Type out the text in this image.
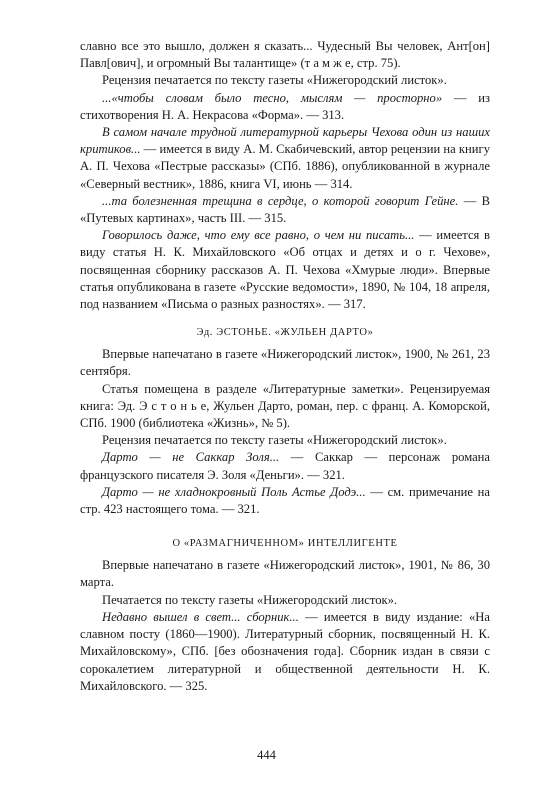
славно все это вышло, должен я сказать... Чудесный Вы человек, Ант[он] Павл[ович], и огромный Вы талантище» (т а м ж е, стр. 75).

Рецензия печатается по тексту газеты «Нижегородский листок».

...«чтобы словам было тесно, мыслям — просторно» — из стихотворения Н. А. Некрасова «Форма». — 313.

В самом начале трудной литературной карьеры Чехова один из наших критиков... — имеется в виду А. М. Скабичевский, автор рецензии на книгу А. П. Чехова «Пестрые рассказы» (СПб. 1886), опубликованной в журнале «Северный вестник», 1886, книга VI, июнь — 314.

...та болезненная трещина в сердце, о которой говорит Гейне. — В «Путевых картинах», часть III. — 315.

Говорилось даже, что ему все равно, о чем ни писать... — имеется в виду статья Н. К. Михайловского «Об отцах и детях и о г. Чехове», посвященная сборнику рассказов А. П. Чехова «Хмурые люди». Впервые статья опубликована в газете «Русские ведомости», 1890, № 104, 18 апреля, под названием «Письма о разных разностях». — 317.

Эд. ЭСТОНЬЕ. «ЖУЛЬЕН ДАРТО»

Впервые напечатано в газете «Нижегородский листок», 1900, № 261, 23 сентября.

Статья помещена в разделе «Литературные заметки». Рецензируемая книга: Эд. Э с т о н ь е, Жульен Дарто, роман, пер. с франц. А. Коморской, СПб. 1900 (библиотека «Жизнь», № 5).

Рецензия печатается по тексту газеты «Нижегородский листок».

Дарто — не Саккар Золя... — Саккар — персонаж романа французского писателя Э. Золя «Деньги». — 321.

Дарто — не хладнокровный Поль Астье Додэ... — см. примечание на стр. 423 настоящего тома. — 321.

О «РАЗМАГНИЧЕННОМ» ИНТЕЛЛИГЕНТЕ

Впервые напечатано в газете «Нижегородский листок», 1901, № 86, 30 марта.

Печатается по тексту газеты «Нижегородский листок».

Недавно вышел в свет... сборник... — имеется в виду издание: «На славном посту (1860—1900). Литературный сборник, посвященный Н. К. Михайловскому», СПб. [без обозначения года]. Сборник издан в связи с сорокалетием литературной и общественной деятельности Н. К. Михайловского. — 325.

444
